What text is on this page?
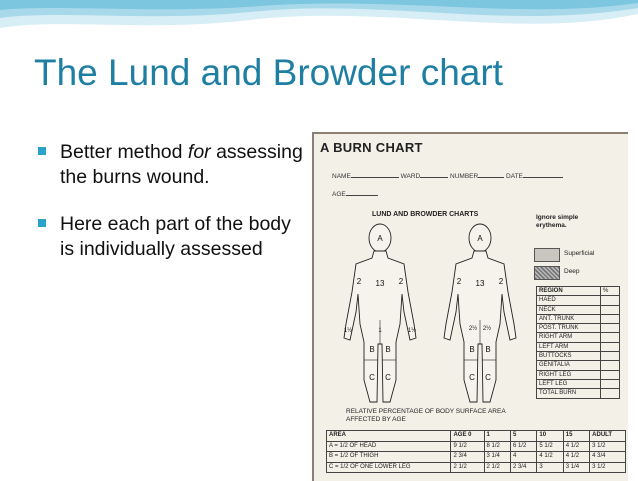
The Lund and Browder chart
Better method for assessing the burns wound.
Here each part of the body is individually assessed
A BURN CHART
NAME	WARD	NUMBER	DATE
AGE
LUND AND BROWDER CHARTS
A	A
13	13
2	2	2	2
1	2½ 2½
B B	B B
C C	C C
1½	1½
Ignore simple
erythema.
Superficial
Deep
REGION	%
HAED	
NECK	
ANT. TRUNK	
POST. TRUNK	
RIGHT ARM	
LEFT ARM	
BUTTOCKS	
GENITALIA	
RIGHT LEG	
LEFT LEG	
TOTAL BURN	
RELATIVE PERCENTAGE OF BODY SURFACE AREA
AFFECTED BY AGE
AREA	AGE 0	1	5	10	15	ADULT
A = 1/2 OF HEAD	9 1/2	8 1/2	6 1/2	5 1/2	4 1/2	3 1/2
B = 1/2 OF THIGH	2 3/4	3 1/4	4	4 1/2	4 1/2	4 3/4
C = 1/2 OF ONE LOWER LEG	2 1/2	2 1/2	2 3/4	3	3 1/4	3 1/2
